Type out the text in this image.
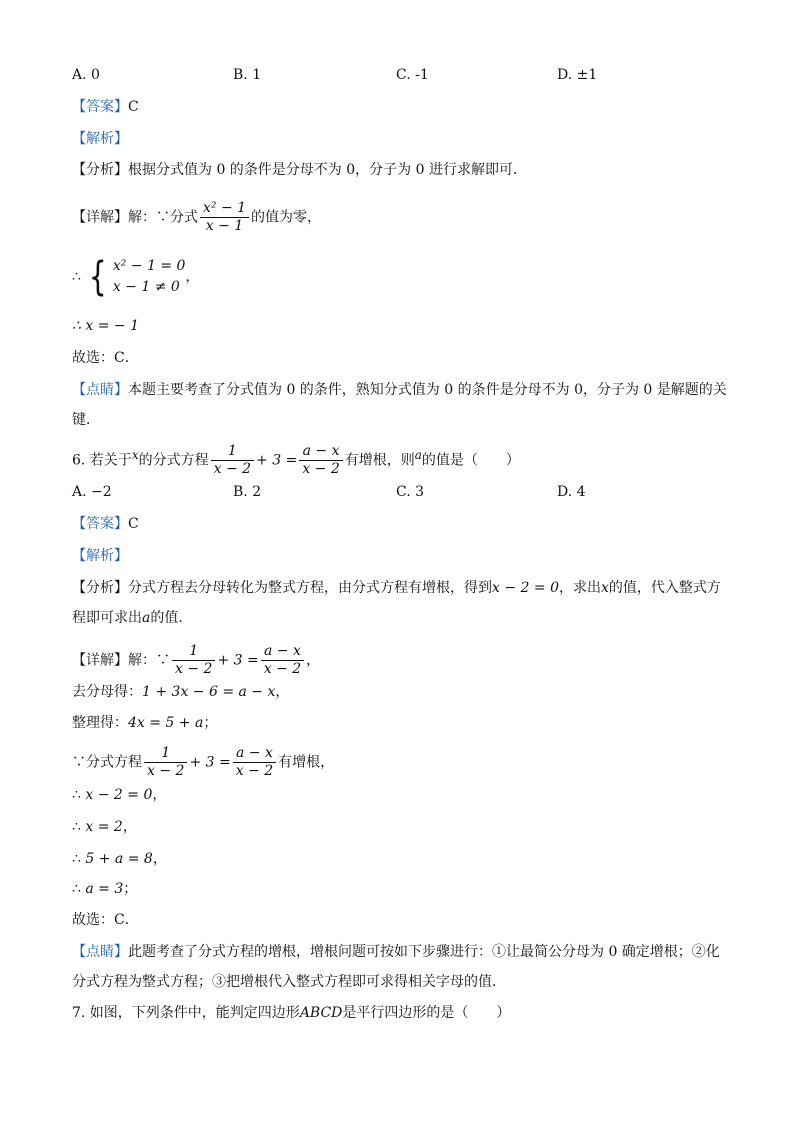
A. 0	B. 1	C. -1	D. ±1
【答案】C
【解析】
【分析】根据分式值为 0 的条件是分母不为 0，分子为 0 进行求解即可．
【详解】解：∵分式 $\frac{\text{x² − 1}}{x - 1}$ 的值为零，
∴ { x² − 1 = 0
x − 1 ≠ 0
，
∴ x = − 1
故选：C．
【点睛】本题主要考查了分式值为 0 的条件，熟知分式值为 0 的条件是分母不为 0，分子为 0 是解题的关
键．
6. 若关于x的分式方程 $\frac{1}{x - 2} + 3 = \frac{a - x}{x - 2}$ 有增根，则a的值是（　　）
A. −2	B. 2	C. 3	D. 4
【答案】C
【解析】
【分析】分式方程去分母转化为整式方程，由分式方程有增根，得到x − 2 = 0，求出x的值，代入整式方
程即可求出a的值．
【详解】解：∵ $\frac{1}{x - 2} + 3 = \frac{a - x}{x - 2}$ ，
去分母得：1 + 3x − 6 = a − x，
整理得：4x = 5 + a；
∵分式方程 $\frac{1}{x - 2} + 3 = \frac{a - x}{x - 2}$ 有增根，
∴ x − 2 = 0，
∴ x = 2，
∴ 5 + a = 8，
∴ a = 3；
故选：C．
【点睛】此题考查了分式方程的增根，增根问题可按如下步骤进行：①让最简公分母为 0 确定增根；②化
分式方程为整式方程；③把增根代入整式方程即可求得相关字母的值．
7. 如图，下列条件中，能判定四边形ABCD是平行四边形的是（　　）
